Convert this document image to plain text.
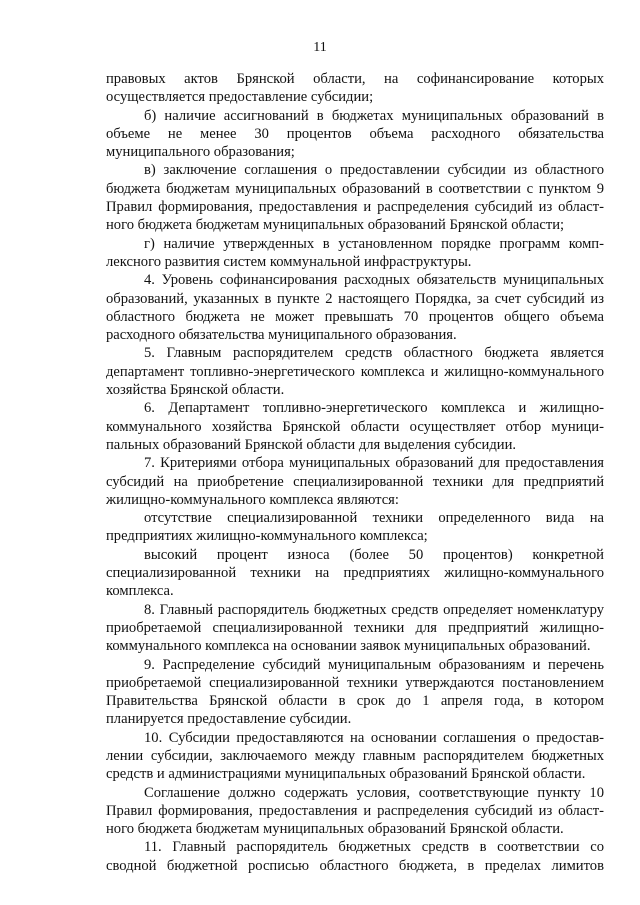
11

правовых актов Брянской области, на софинансирование которых осуществляется предоставление субсидии;

б) наличие ассигнований в бюджетах муниципальных образований в объеме не менее 30 процентов объема расходного обязательства муниципального образования;

в) заключение соглашения о предоставлении субсидии из областного бюджета бюджетам муниципальных образований в соответствии с пунктом 9 Правил формирования, предоставления и распределения субсидий из областного бюджета бюджетам муниципальных образований Брянской области;

г) наличие утвержденных в установленном порядке программ комплексного развития систем коммунальной инфраструктуры.

4. Уровень софинансирования расходных обязательств муниципальных образований, указанных в пункте 2 настоящего Порядка, за счет субсидий из областного бюджета не может превышать 70 процентов общего объема расходного обязательства муниципального образования.

5. Главным распорядителем средств областного бюджета является департамент топливно-энергетического комплекса и жилищно-коммунального хозяйства Брянской области.

6. Департамент топливно-энергетического комплекса и жилищно-коммунального хозяйства Брянской области осуществляет отбор муниципальных образований Брянской области для выделения субсидии.

7. Критериями отбора муниципальных образований для предоставления субсидий на приобретение специализированной техники для предприятий жилищно-коммунального комплекса являются:

отсутствие специализированной техники определенного вида на предприятиях жилищно-коммунального комплекса;

высокий процент износа (более 50 процентов) конкретной специализированной техники на предприятиях жилищно-коммунального комплекса.

8. Главный распорядитель бюджетных средств определяет номенклатуру приобретаемой специализированной техники для предприятий жилищно-коммунального комплекса на основании заявок муниципальных образований.

9. Распределение субсидий муниципальным образованиям и перечень приобретаемой специализированной техники утверждаются постановлением Правительства Брянской области в срок до 1 апреля года, в котором планируется предоставление субсидии.

10. Субсидии предоставляются на основании соглашения о предоставлении субсидии, заключаемого между главным распорядителем бюджетных средств и администрациями муниципальных образований Брянской области.

Соглашение должно содержать условия, соответствующие пункту 10 Правил формирования, предоставления и распределения субсидий из областного бюджета бюджетам муниципальных образований Брянской области.

11. Главный распорядитель бюджетных средств в соответствии со сводной бюджетной росписью областного бюджета, в пределах лимитов
